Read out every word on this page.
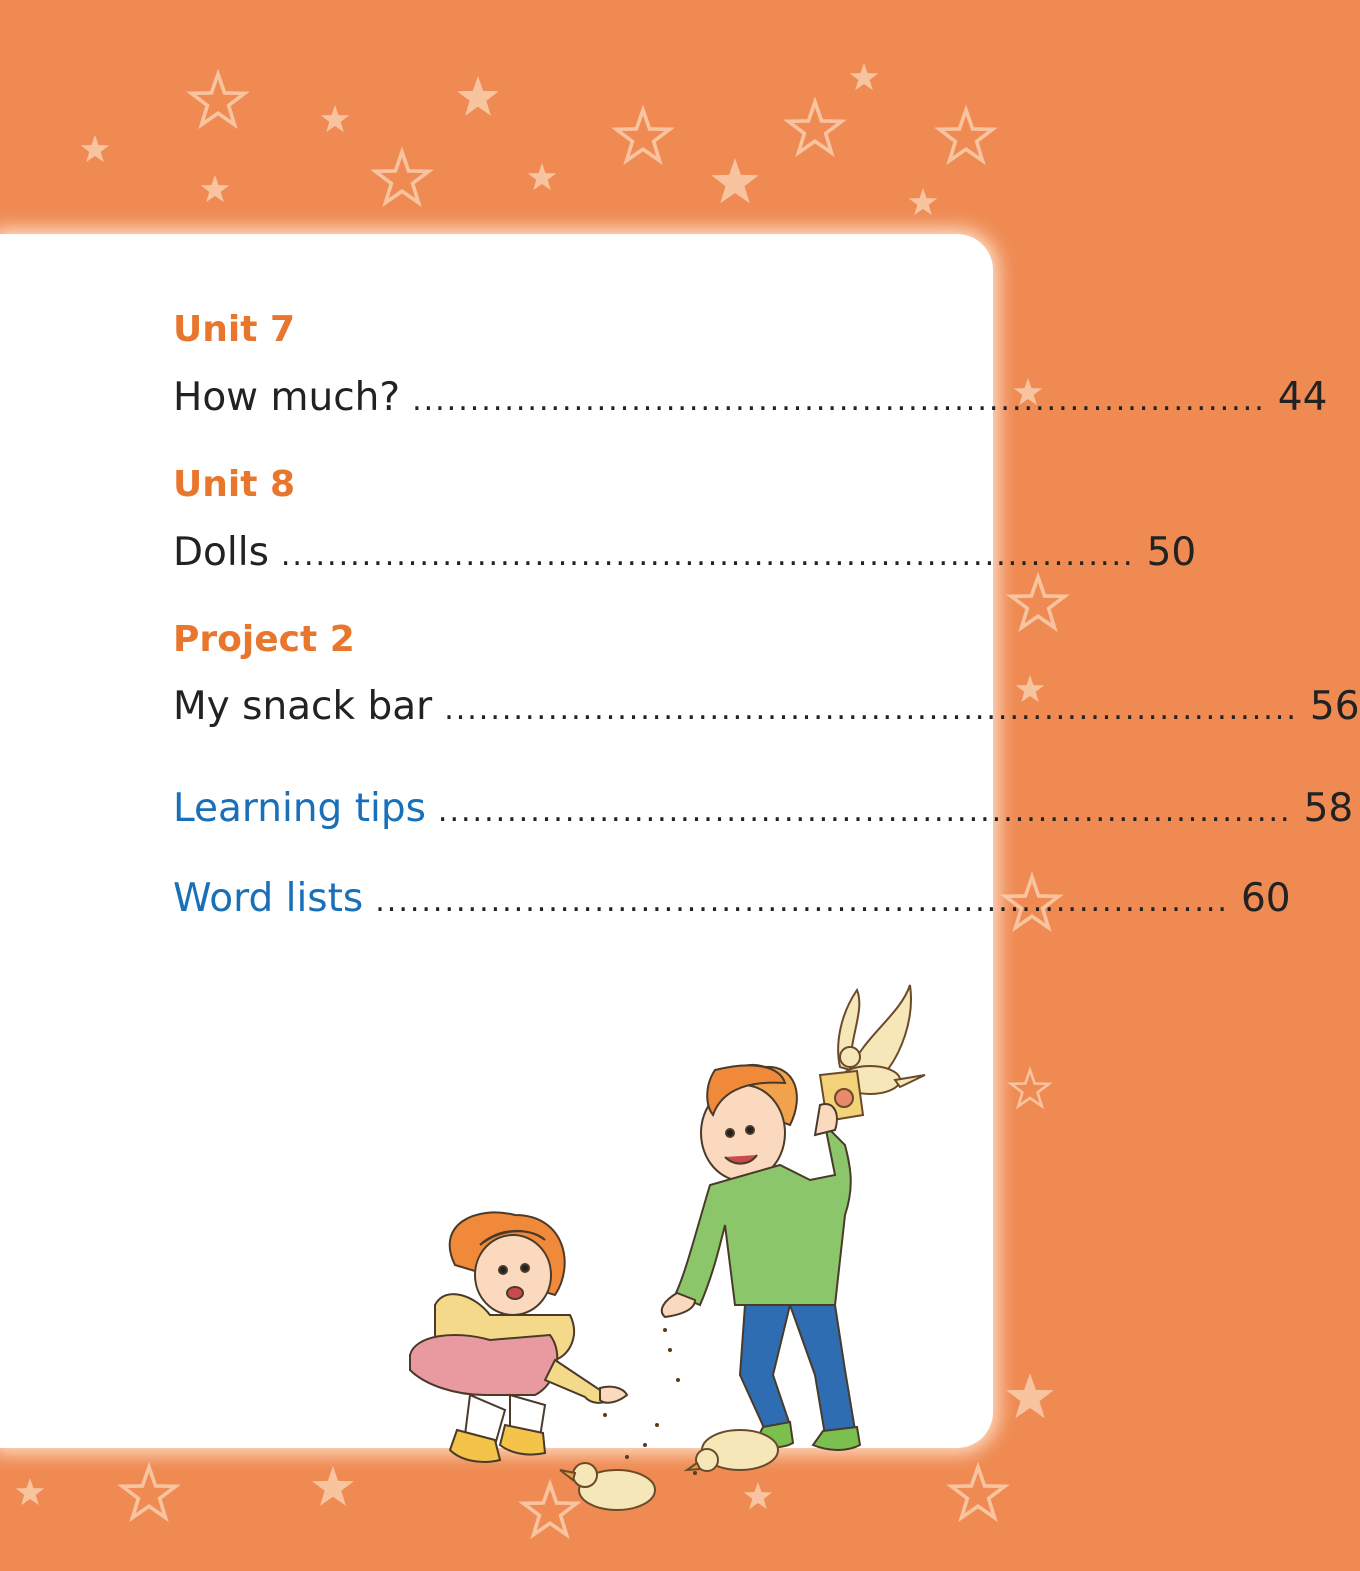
Unit 7
How much? .......................................................................... 44
Unit 8
Dolls .......................................................................... 50
Project 2
My snack bar .......................................................................... 56
Learning tips .......................................................................... 58
Word lists .......................................................................... 60
